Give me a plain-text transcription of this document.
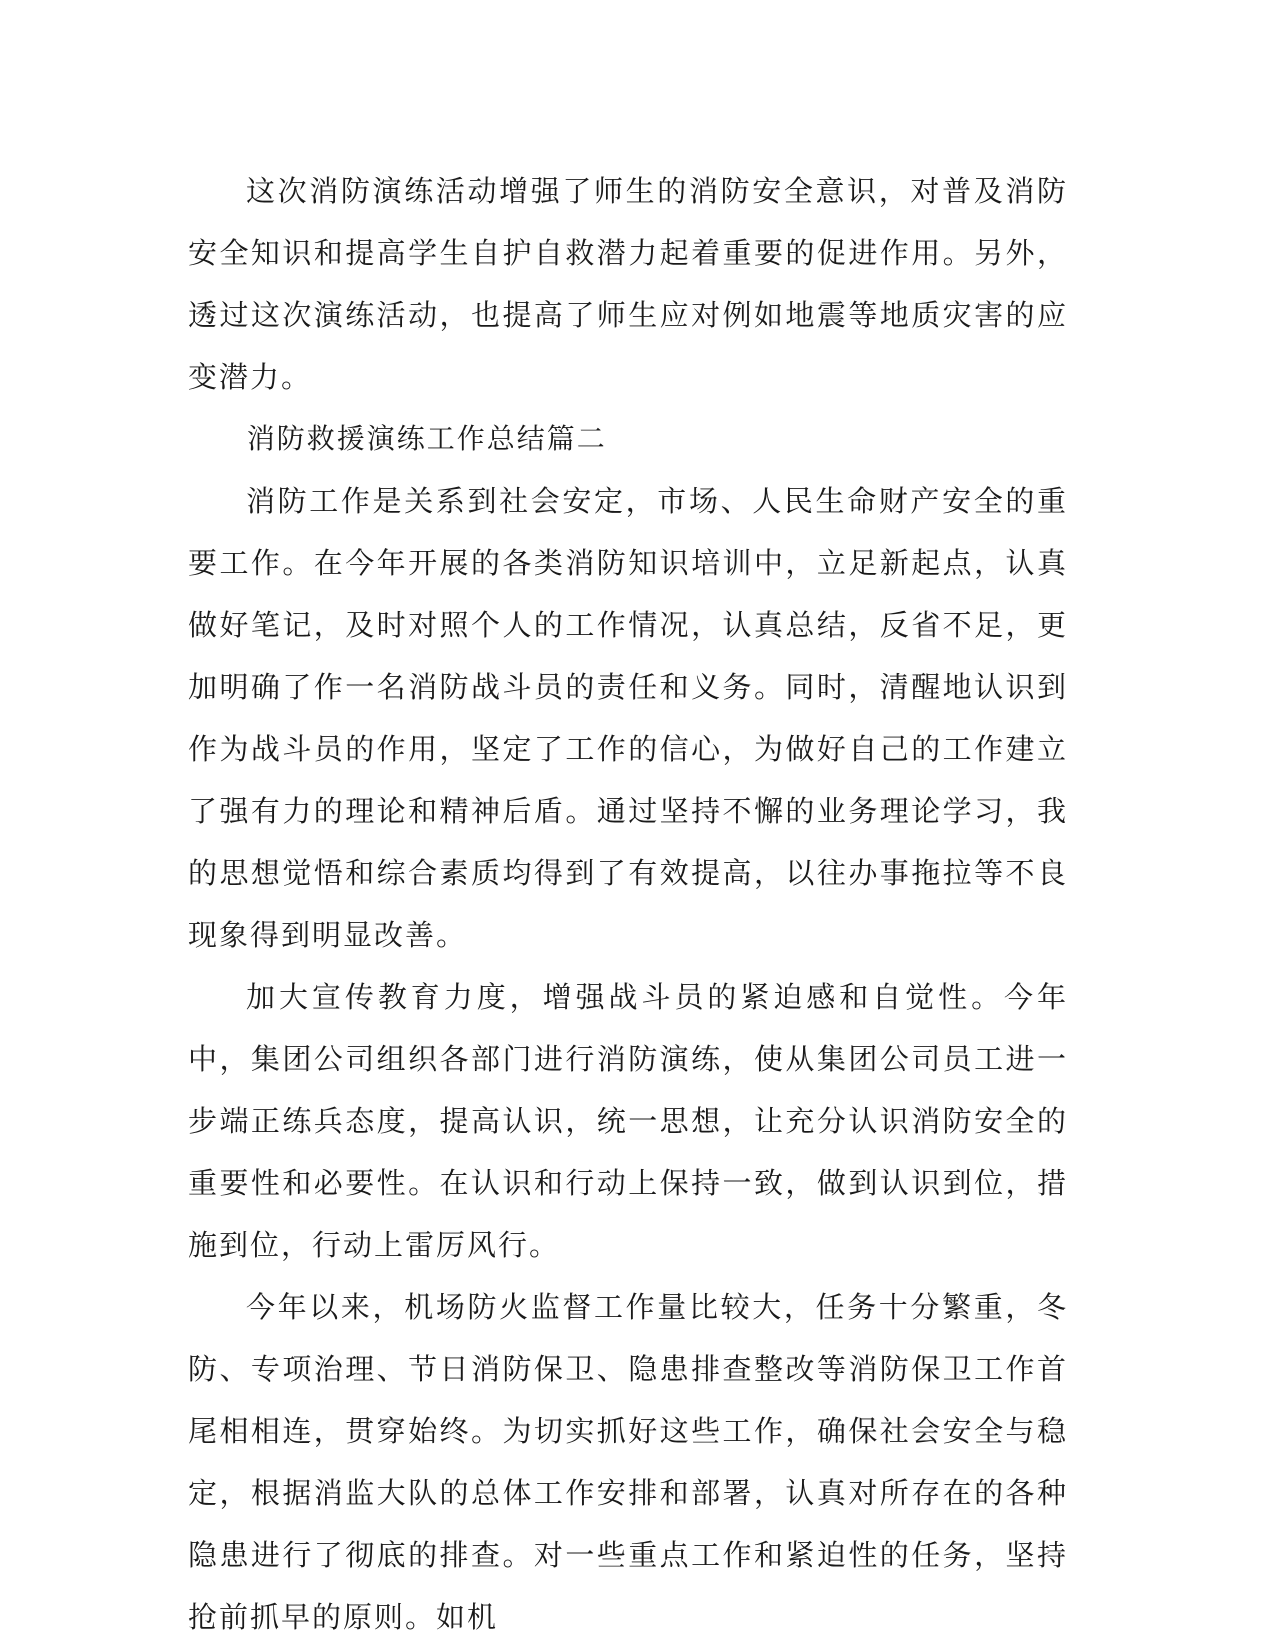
这次消防演练活动增强了师生的消防安全意识，对普及消防安全知识和提高学生自护自救潜力起着重要的促进作用。另外，透过这次演练活动，也提高了师生应对例如地震等地质灾害的应变潜力。

消防救援演练工作总结篇二

消防工作是关系到社会安定，市场、人民生命财产安全的重要工作。在今年开展的各类消防知识培训中，立足新起点，认真做好笔记，及时对照个人的工作情况，认真总结，反省不足，更加明确了作一名消防战斗员的责任和义务。同时，清醒地认识到作为战斗员的作用，坚定了工作的信心，为做好自己的工作建立了强有力的理论和精神后盾。通过坚持不懈的业务理论学习，我的思想觉悟和综合素质均得到了有效提高，以往办事拖拉等不良现象得到明显改善。

加大宣传教育力度，增强战斗员的紧迫感和自觉性。今年中，集团公司组织各部门进行消防演练，使从集团公司员工进一步端正练兵态度，提高认识，统一思想，让充分认识消防安全的重要性和必要性。在认识和行动上保持一致，做到认识到位，措施到位，行动上雷厉风行。

今年以来，机场防火监督工作量比较大，任务十分繁重，冬防、专项治理、节日消防保卫、隐患排查整改等消防保卫工作首尾相相连，贯穿始终。为切实抓好这些工作，确保社会安全与稳定，根据消监大队的总体工作安排和部署，认真对所存在的各种隐患进行了彻底的排查。对一些重点工作和紧迫性的任务，坚持抢前抓早的原则。如机
